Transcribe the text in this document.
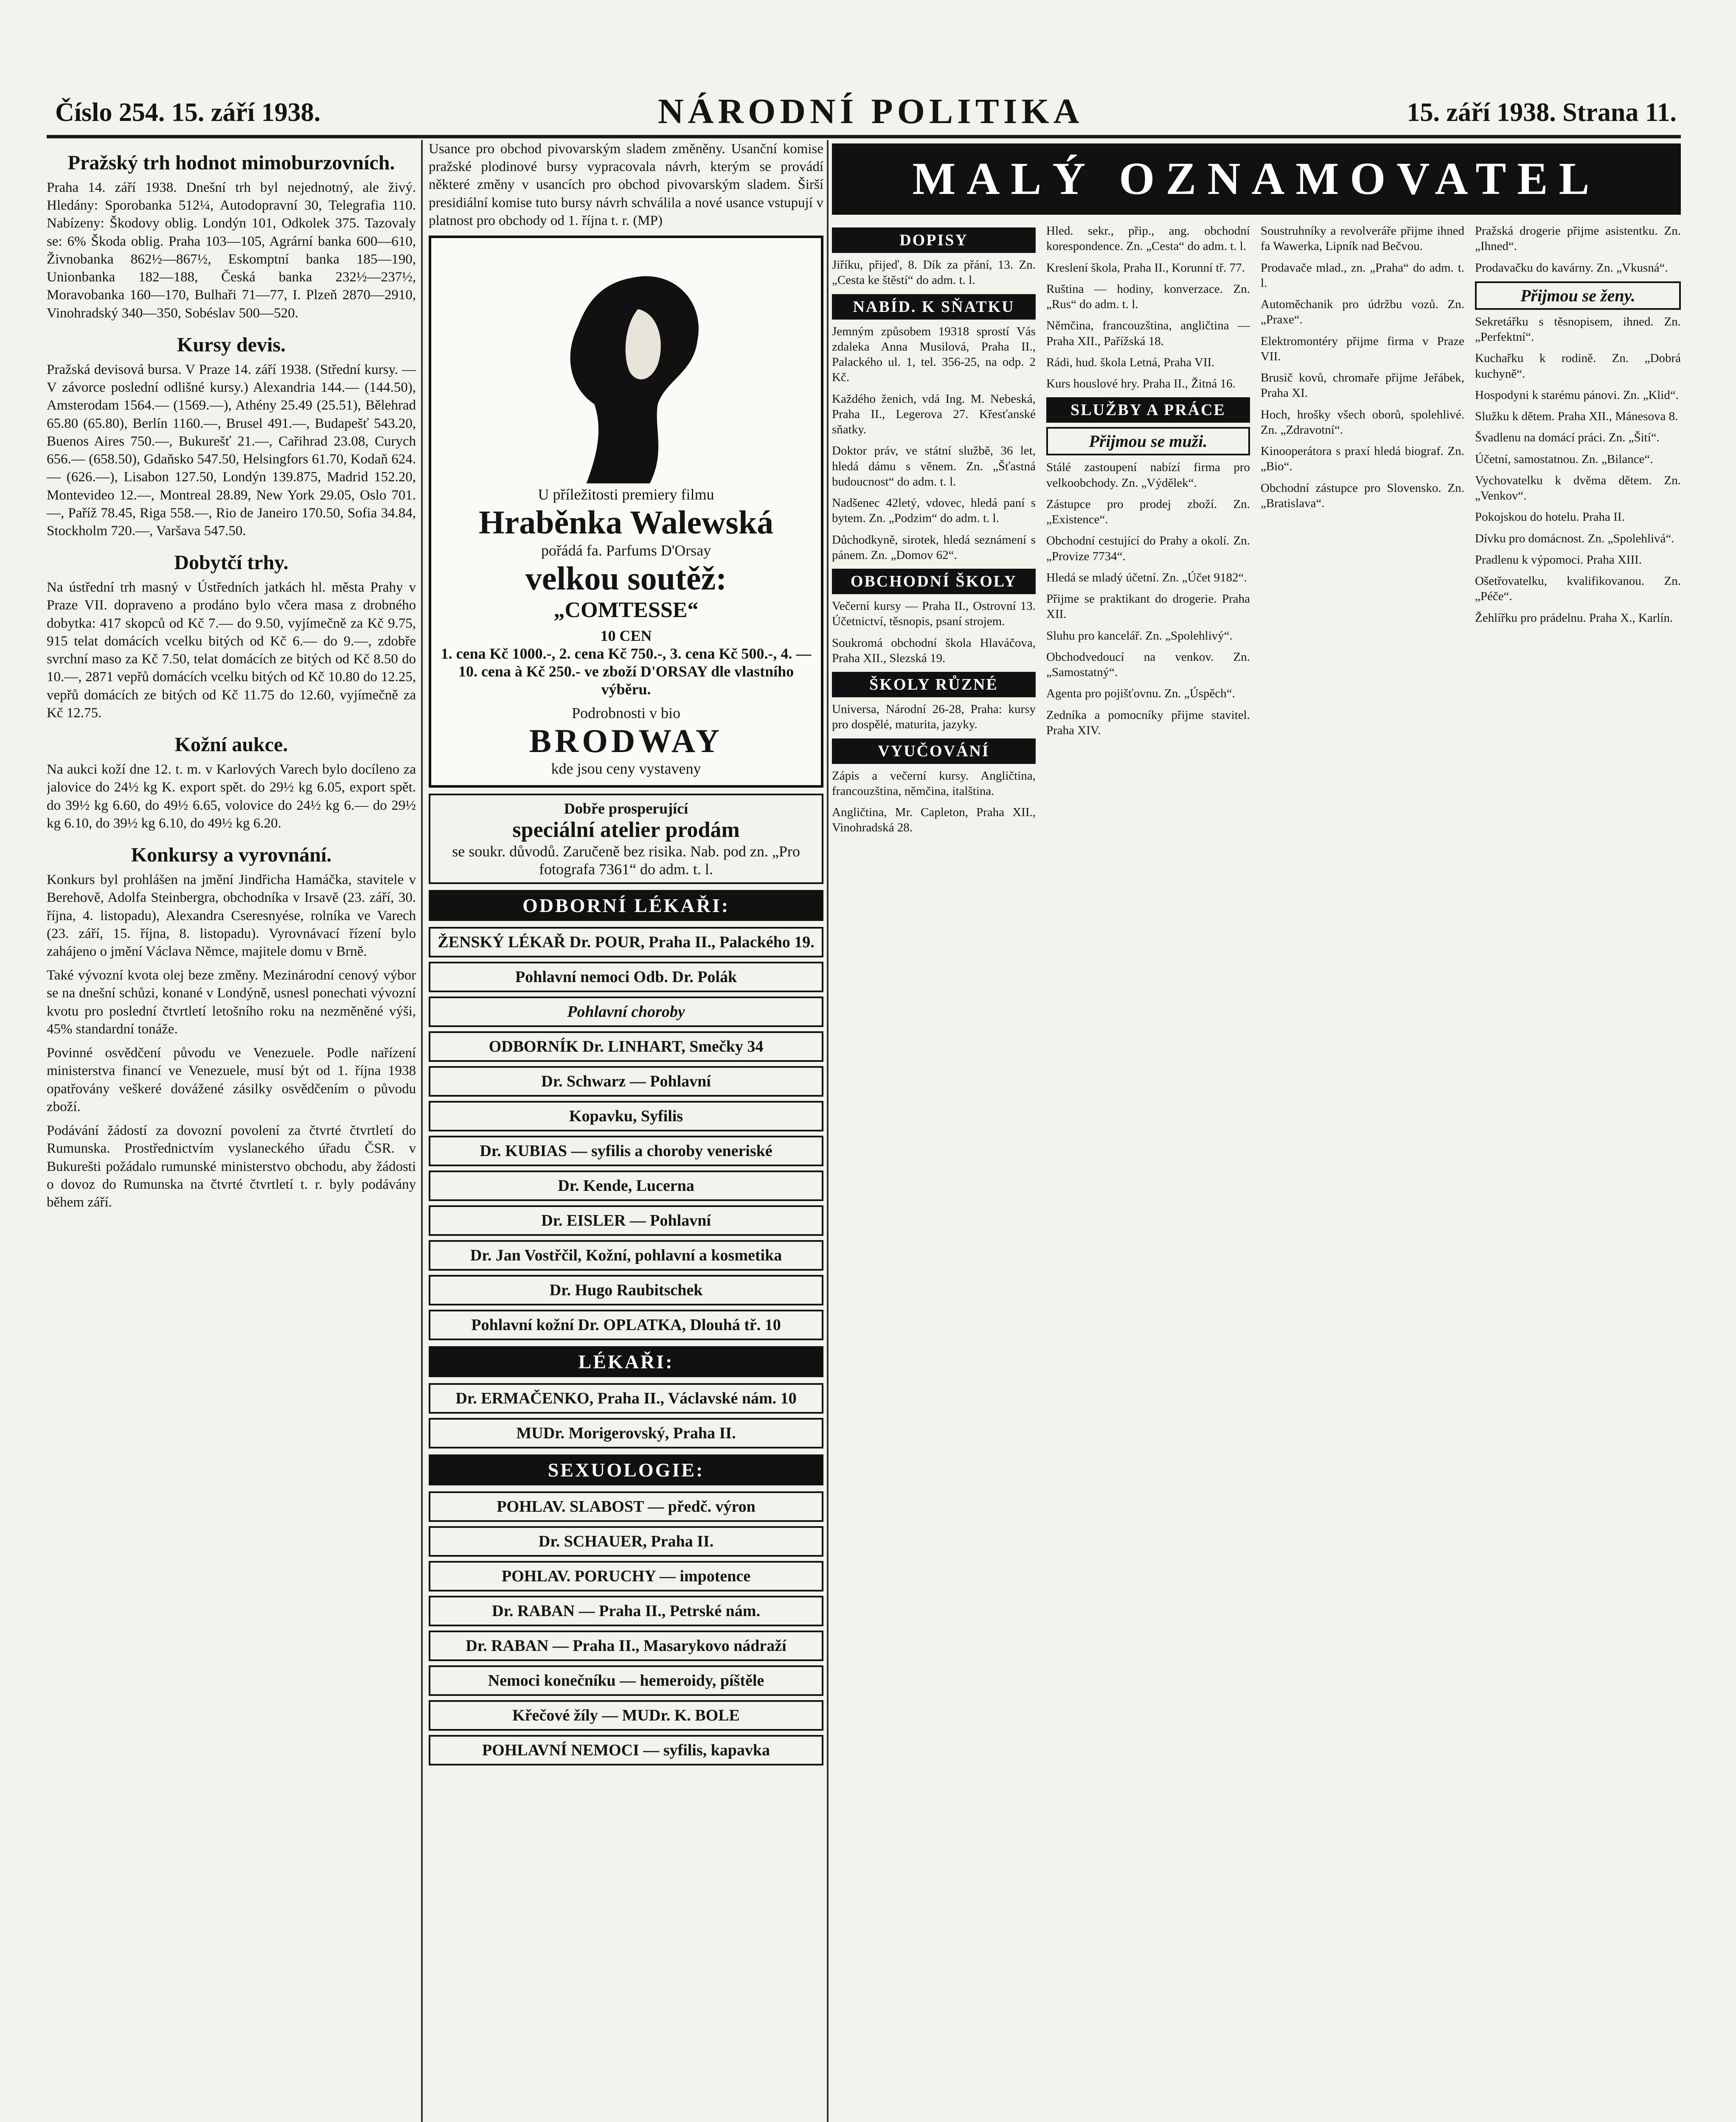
Číslo 254. 15. září 1938.	NÁRODNÍ POLITIKA	15. září 1938. Strana 11.
Pražský trh hodnot mimoburzovních.

Praha 14. září 1938. Dnešní trh byl nejednotný, ale živý. Hledány: Sporobanka 512¼, Autodopravní 30, Telegrafia 110. Nabízeny: Škodovy oblig. Londýn 101, Odkolek 375. Tazovaly se: 6% Škoda oblig. Praha 103—105, Agrární banka 600—610, Živnobanka 862½—867½, Eskomptní banka 185—190, Unionbanka 182—188, Česká banka 232½—237½, Moravobanka 160—170, Bulhaři 71—77, I. Plzeň 2870—2910, Vinohradský 340—350, Sobéslav 500—520.

Kursy devis.

Pražská devisová bursa. V Praze 14. září 1938. (Střední kursy. — V závorce poslední odlišné kursy.) Alexandria 144.— (144.50), Amsterodam 1564.— (1569.—), Athény 25.49 (25.51), Bělehrad 65.80 (65.80), Berlín 1160.—, Brusel 491.—, Budapešť 543.20, Buenos Aires 750.—, Bukurešť 21.—, Cařihrad 23.08, Curych 656.— (658.50), Gdaňsko 547.50, Helsingfors 61.70, Kodaň 624.— (626.—), Lisabon 127.50, Londýn 139.875, Madrid 152.20, Montevideo 12.—, Montreal 28.89, New York 29.05, Oslo 701.—, Paříž 78.45, Riga 558.—, Rio de Janeiro 170.50, Sofia 34.84, Stockholm 720.—, Varšava 547.50.

Dobytčí trhy.

Na ústřední trh masný v Ústředních jatkách hl. města Prahy v Praze VII. dopraveno a prodáno bylo včera masa z drobného dobytka: 417 skopců od Kč 7.— do 9.50, vyjímečně za Kč 9.75, 915 telat domácích vcelku bitých od Kč 6.— do 9.—, zdobře svrchní maso za Kč 7.50, telat domácích ze bitých od Kč 8.50 do 10.—, 2871 vepřů domácích vcelku bitých od Kč 10.80 do 12.25, vepřů domácích ze bitých od Kč 11.75 do 12.60, vyjímečně za Kč 12.75.

Kožní aukce.

Na aukci koží dne 12. t. m. v Karlových Varech bylo docíleno za jalovice do 24½ kg K. export spět. do 29½ kg 6.05, export spět. do 39½ kg 6.60, do 49½ 6.65, volovice do 24½ kg 6.— do 29½ kg 6.10, do 39½ kg 6.10, do 49½ kg 6.20.

Konkursy a vyrovnání.

Konkurs byl prohlášen na jmění Jindřicha Hamáčka, stavitele v Berehově, Adolfa Steinbergra, obchodníka v Irsavě (23. září, 30. října, 4. listopadu), Alexandra Cseresnyése, rolníka ve Varech (23. září, 15. října, 8. listopadu). Vyrovnávací řízení bylo zahájeno o jmění Václava Němce, majitele domu v Brně.

Také vývozní kvota olej beze změny. Mezinárodní cenový výbor se na dnešní schůzi, konané v Londýně, usnesl ponechati vývozní kvotu pro poslední čtvrtletí letošního roku na nezměněné výši, 45% standardní tonáže.

Povinné osvědčení původu ve Venezuele. Podle nařízení ministerstva financí ve Venezuele, musí být od 1. října 1938 opatřovány veškeré dovážené zásilky osvědčením o původu zboží.

Podávání žádostí za dovozní povolení za čtvrté čtvrtletí do Rumunska. Prostřednictvím vyslaneckého úřadu ČSR. v Bukurešti požádalo rumunské ministerstvo obchodu, aby žádosti o dovoz do Rumunska na čtvrté čtvrtletí t. r. byly podávány během září.

Usance pro obchod pivovarským sladem změněny. Usanční komise pražské plodinové bursy vypracovala návrh, kterým se provádí některé změny v usancích pro obchod pivovarským sladem. Širší presidiální komise tuto bursy návrh schválila a nové usance vstupují v platnost pro obchody od 1. října t. r. (MP)

U příležitosti premiery filmu
Hraběnka Walewská
pořádá fa. Parfums D'Orsay
velkou soutěž:
„COMTESSE“
10 CEN
1. cena Kč 1000.-, 2. cena Kč 750.-, 3. cena Kč 500.-, 4. — 10. cena à Kč 250.- ve zboží D'ORSAY dle vlastního výběru.
Podrobnosti v bio
BRODWAY
kde jsou ceny vystaveny
Dobře prosperující
speciální atelier prodám
se soukr. důvodů. Zaručeně bez risika. Nab. pod zn. „Pro fotografa 7361“ do adm. t. l.
ODBORNÍ LÉKAŘI:
ŽENSKÝ LÉKAŘ Dr. POUR, Praha II., Palackého 19.
Pohlavní nemoci Odb. Dr. Polák
Pohlavní choroby
ODBORNÍK Dr. LINHART, Smečky 34
Dr. Schwarz — Pohlavní
Kopavku, Syfilis
Dr. KUBIAS — syfilis a choroby veneriské
Dr. Kende, Lucerna
Dr. EISLER — Pohlavní
Dr. Jan Vostřčil, Kožní, pohlavní a kosmetika
Dr. Hugo Raubitschek
Pohlavní kožní Dr. OPLATKA, Dlouhá tř. 10
LÉKAŘI:
Dr. ERMAČENKO, Praha II., Václavské nám. 10
MUDr. Morigerovský, Praha II.
SEXUOLOGIE:
POHLAV. SLABOST — předč. výron
Dr. SCHAUER, Praha II.
POHLAV. PORUCHY — impotence
Dr. RABAN — Praha II., Petrské nám.
Dr. RABAN — Praha II., Masarykovo nádraží
Nemoci konečníku — hemeroidy, píštěle
Křečové žíly — MUDr. K. BOLE
POHLAVNÍ NEMOCI — syfilis, kapavka
MALÝ OZNAMOVATEL
DOPISY

Jiříku, přijeď, 8. Dík za přání, 13. Zn. „Cesta ke štěstí“ do adm. t. l.

NABÍD. K SŇATKU

Jemným způsobem 19318 sprostí Vás zdaleka Anna Musilová, Praha II., Palackého ul. 1, tel. 356-25, na odp. 2 Kč.

Každého ženich, vdá Ing. M. Nebeská, Praha II., Legerova 27. Křesťanské sňatky.

Doktor práv, ve státní službě, 36 let, hledá dámu s věnem. Zn. „Šťastná budoucnost“ do adm. t. l.

Nadšenec 42letý, vdovec, hledá paní s bytem. Zn. „Podzim“ do adm. t. l.

Důchodkyně, sirotek, hledá seznámení s pánem. Zn. „Domov 62“.

OBCHODNÍ ŠKOLY

Večerní kursy — Praha II., Ostrovní 13. Účetnictví, těsnopis, psaní strojem.

Soukromá obchodní škola Hlaváčova, Praha XII., Slezská 19.

ŠKOLY RŮZNÉ

Universa, Národní 26-28, Praha: kursy pro dospělé, maturita, jazyky.

VYUČOVÁNÍ

Zápis a večerní kursy. Angličtina, francouzština, němčina, italština.

Angličtina, Mr. Capleton, Praha XII., Vinohradská 28.

Hled. sekr., přip., ang. obchodní korespondence. Zn. „Cesta“ do adm. t. l.

Kreslení škola, Praha II., Korunní tř. 77.

Ruština — hodiny, konverzace. Zn. „Rus“ do adm. t. l.

Němčina, francouzština, angličtina — Praha XII., Pařížská 18.

Rádi, hud. škola Letná, Praha VII.

Kurs houslové hry. Praha II., Žitná 16.

SLUŽBY A PRÁCE
Přijmou se muži.

Stálé zastoupení nabízí firma pro velkoobchody. Zn. „Výdělek“.

Zástupce pro prodej zboží. Zn. „Existence“.

Obchodní cestující do Prahy a okolí. Zn. „Provize 7734“.

Hledá se mladý účetní. Zn. „Účet 9182“.

Přijme se praktikant do drogerie. Praha XII.

Sluhu pro kancelář. Zn. „Spolehlivý“.

Obchodvedoucí na venkov. Zn. „Samostatný“.

Agenta pro pojišťovnu. Zn. „Úspěch“.

Zedníka a pomocníky přijme stavitel. Praha XIV.

Soustruhníky a revolveráře přijme ihned fa Wawerka, Lipník nad Bečvou.

Prodavače mlad., zn. „Praha“ do adm. t. l.

Automěchanik pro údržbu vozů. Zn. „Praxe“.

Elektromontéry přijme firma v Praze VII.

Brusič kovů, chromaře přijme Jeřábek, Praha XI.

Hoch, hrošky všech oborů, spolehlivé. Zn. „Zdravotní“.

Kinooperátora s praxí hledá biograf. Zn. „Bio“.

Obchodní zástupce pro Slovensko. Zn. „Bratislava“.

Pražská drogerie přijme asistentku. Zn. „Ihned“.

Prodavačku do kavárny. Zn. „Vkusná“.

Přijmou se ženy.

Sekretářku s těsnopisem, ihned. Zn. „Perfektní“.

Kuchařku k rodině. Zn. „Dobrá kuchyně“.

Hospodyni k starému pánovi. Zn. „Klid“.

Služku k dětem. Praha XII., Mánesova 8.

Švadlenu na domácí práci. Zn. „Šití“.

Účetní, samostatnou. Zn. „Bilance“.

Vychovatelku k dvěma dětem. Zn. „Venkov“.

Pokojskou do hotelu. Praha II.

Dívku pro domácnost. Zn. „Spolehlivá“.

Pradlenu k výpomoci. Praha XIII.

Ošetřovatelku, kvalifikovanou. Zn. „Péče“.

Žehlířku pro prádelnu. Praha X., Karlín.
